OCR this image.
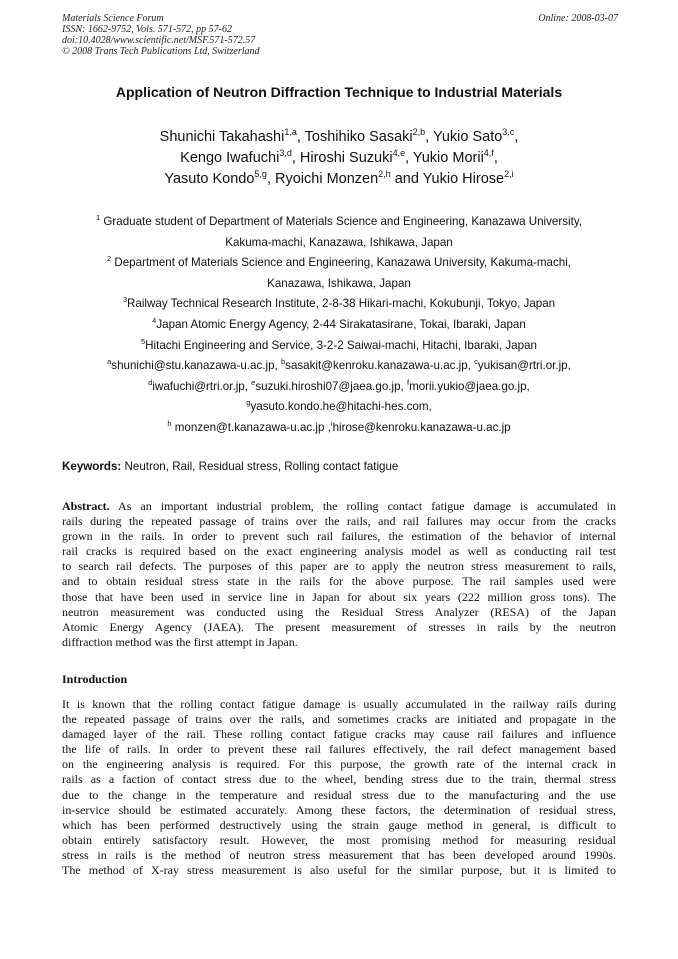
Materials Science Forum
ISSN: 1662-9752, Vols. 571-572, pp 57-62
doi:10.4028/www.scientific.net/MSF.571-572.57
© 2008 Trans Tech Publications Ltd, Switzerland
Online: 2008-03-07
Application of Neutron Diffraction Technique to Industrial Materials
Shunichi Takahashi$^{1,a}$, Toshihiko Sasaki$^{2,b}$, Yukio Sato$^{3,c}$,
Kengo Iwafuchi$^{3,d}$, Hiroshi Suzuki$^{4,e}$, Yukio Morii$^{4,f}$,
Yasuto Kondo$^{5,g}$, Ryoichi Monzen$^{2,h}$ and Yukio Hirose$^{2,i}$
$^1$ Graduate student of Department of Materials Science and Engineering, Kanazawa University,
Kakuma-machi, Kanazawa, Ishikawa, Japan
$^2$ Department of Materials Science and Engineering, Kanazawa University, Kakuma-machi,
Kanazawa, Ishikawa, Japan
$^3$Railway Technical Research Institute, 2-8-38 Hikari-machi, Kokubunji, Tokyo, Japan
$^4$Japan Atomic Energy Agency, 2-44 Sirakatasirane, Tokai, Ibaraki, Japan
$^5$Hitachi Engineering and Service, 3-2-2 Saiwai-machi, Hitachi, Ibaraki, Japan
$^a$shunichi@stu.kanazawa-u.ac.jp, $^b$sasakit@kenroku.kanazawa-u.ac.jp, $^c$yukisan@rtri.or.jp,
$^d$iwafuchi@rtri.or.jp, $^e$suzuki.hiroshi07@jaea.go.jp, $^f$morii.yukio@jaea.go.jp,
$^g$yasuto.kondo.he@hitachi-hes.com,
$^h$ monzen@t.kanazawa-u.ac.jp ,$^i$hirose@kenroku.kanazawa-u.ac.jp
Keywords: Neutron, Rail, Residual stress, Rolling contact fatigue
Abstract. As an important industrial problem, the rolling contact fatigue damage is accumulated in
rails during the repeated passage of trains over the rails, and rail failures may occur from the cracks
grown in the rails. In order to prevent such rail failures, the estimation of the behavior of internal
rail cracks is required based on the exact engineering analysis model as well as conducting rail test
to search rail defects. The purposes of this paper are to apply the neutron stress measurement to rails,
and to obtain residual stress state in the rails for the above purpose. The rail samples used were
those that have been used in service line in Japan for about six years (222 million gross tons). The
neutron measurement was conducted using the Residual Stress Analyzer (RESA) of the Japan
Atomic Energy Agency (JAEA). The present measurement of stresses in rails by the neutron
diffraction method was the first attempt in Japan.
Introduction
It is known that the rolling contact fatigue damage is usually accumulated in the railway rails during
the repeated passage of trains over the rails, and sometimes cracks are initiated and propagate in the
damaged layer of the rail. These rolling contact fatigue cracks may cause rail failures and influence
the life of rails. In order to prevent these rail failures effectively, the rail defect management based
on the engineering analysis is required. For this purpose, the growth rate of the internal crack in
rails as a faction of contact stress due to the wheel, bending stress due to the train, thermal stress
due to the change in the temperature and residual stress due to the manufacturing and the use
in-service should be estimated accurately. Among these factors, the determination of residual stress,
which has been performed destructively using the strain gauge method in general, is difficult to
obtain entirely satisfactory result. However, the most promising method for measuring residual
stress in rails is the method of neutron stress measurement that has been developed around 1990s.
The method of X-ray stress measurement is also useful for the similar purpose, but it is limited to
